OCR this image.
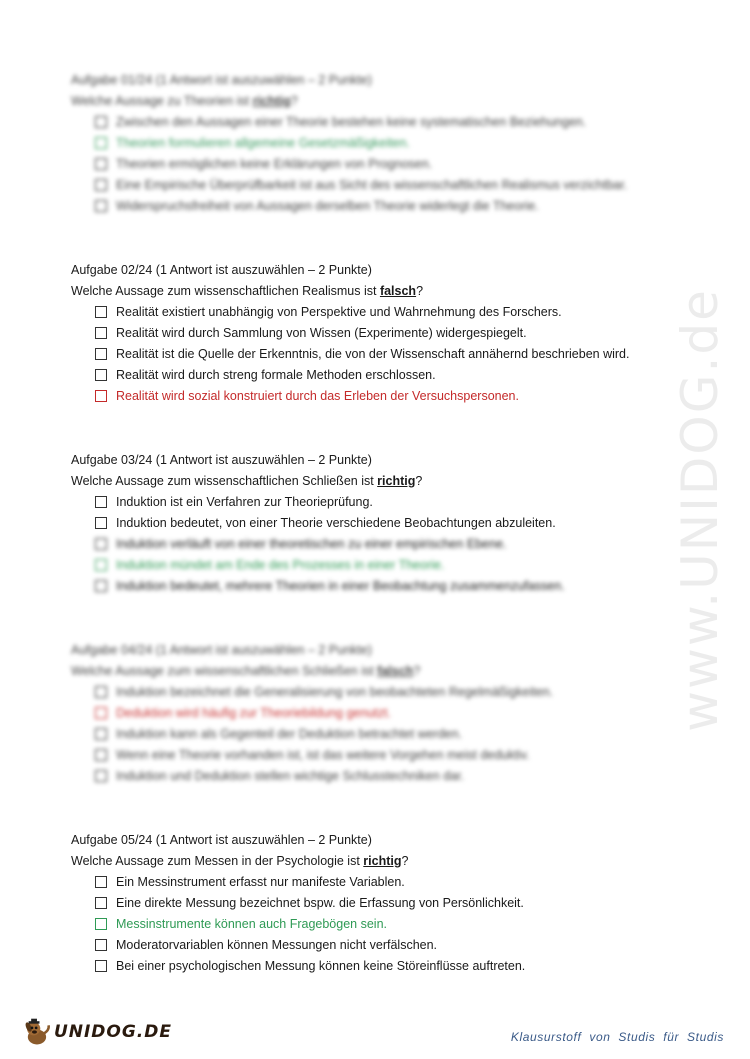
www.UNIDOG.de
Aufgabe 01/24 (1 Antwort ist auszuwählen – 2 Punkte)
Welche Aussage zu Theorien ist richtig?
Zwischen den Aussagen einer Theorie bestehen keine systematischen Beziehungen.
Theorien formulieren allgemeine Gesetzmäßigkeiten.
Theorien ermöglichen keine Erklärungen von Prognosen.
Eine Empirische Überprüfbarkeit ist aus Sicht des wissenschaftlichen Realismus verzichtbar.
Widerspruchsfreiheit von Aussagen derselben Theorie widerlegt die Theorie.
Aufgabe 02/24 (1 Antwort ist auszuwählen – 2 Punkte)
Welche Aussage zum wissenschaftlichen Realismus ist falsch?
Realität existiert unabhängig von Perspektive und Wahrnehmung des Forschers.
Realität wird durch Sammlung von Wissen (Experimente) widergespiegelt.
Realität ist die Quelle der Erkenntnis, die von der Wissenschaft annähernd beschrieben wird.
Realität wird durch streng formale Methoden erschlossen.
Realität wird sozial konstruiert durch das Erleben der Versuchspersonen.
Aufgabe 03/24 (1 Antwort ist auszuwählen – 2 Punkte)
Welche Aussage zum wissenschaftlichen Schließen ist richtig?
Induktion ist ein Verfahren zur Theorieprüfung.
Induktion bedeutet, von einer Theorie verschiedene Beobachtungen abzuleiten.
Induktion verläuft von einer theoretischen zu einer empirischen Ebene.
Induktion mündet am Ende des Prozesses in einer Theorie.
Induktion bedeutet, mehrere Theorien in einer Beobachtung zusammenzufassen.
Aufgabe 04/24 (1 Antwort ist auszuwählen – 2 Punkte)
Welche Aussage zum wissenschaftlichen Schließen ist falsch?
Induktion bezeichnet die Generalisierung von beobachteten Regelmäßigkeiten.
Deduktion wird häufig zur Theoriebildung genutzt.
Induktion kann als Gegenteil der Deduktion betrachtet werden.
Wenn eine Theorie vorhanden ist, ist das weitere Vorgehen meist deduktiv.
Induktion und Deduktion stellen wichtige Schlusstechniken dar.
Aufgabe 05/24 (1 Antwort ist auszuwählen – 2 Punkte)
Welche Aussage zum Messen in der Psychologie ist richtig?
Ein Messinstrument erfasst nur manifeste Variablen.
Eine direkte Messung bezeichnet bspw. die Erfassung von Persönlichkeit.
Messinstrumente können auch Fragebögen sein.
Moderatorvariablen können Messungen nicht verfälschen.
Bei einer psychologischen Messung können keine Störeinflüsse auftreten.
UNIDOG.DE	Klausurstoff von Studis für Studis
